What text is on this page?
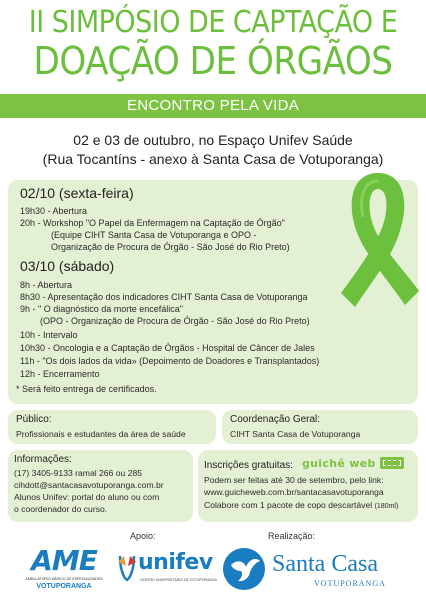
II SIMPÓSIO DE CAPTAÇÃO E
DOAÇÃO DE ÓRGÃOS
ENCONTRO PELA VIDA
02 e 03 de outubro, no Espaço Unifev Saúde
(Rua Tocantíns - anexo à Santa Casa de Votuporanga)
02/10 (sexta-feira)
19h30 - Abertura
20h - Workshop "O Papel da Enfermagem na Captação de Órgão"
(Equipe CIHT Santa Casa de Votuporanga e OPO -
Organização de Procura de Órgão - São José do Rio Preto)
03/10 (sábado)
8h - Abertura
8h30 - Apresentação dos indicadores CIHT Santa Casa de Votuporanga
9h - " O diagnóstico da morte encefálica"
(OPO - Organização de Procura de Órgão - São José do Rio Preto)
10h - Intervalo
10h30 - Oncologia e a Captação de Órgãos - Hospital de Câncer de Jales
11h - "Os dois lados da vida» (Depoimento de Doadores e Transplantados)
12h - Encerramento
* Será feito entrega de certificados.
Público:
Profissionais e estudantes da área de saúde
Coordenação Geral:
CIHT Santa Casa de Votuporanga
Informações:
(17) 3405-9133 ramal 266 ou 285
cihdott@santacasavotuporanga.com.br
Alunos Unifev: portal do aluno ou com
o coordenador do curso.
Inscrições gratuitas: guichê web
Podem ser feitas até 30 de setembro, pelo link:
www.guicheweb.com.br/santacasavotuporanga
Colabore com 1 pacote de copo descartável (180ml)
Apoio:	Realização:
AME
AMBULATÓRIO MÉDICO DE ESPECIALIDADES
VOTUPORANGA
unifev
CENTRO UNIVERSITÁRIO DE VOTUPORANGA
Santa Casa
VOTUPORANGA
